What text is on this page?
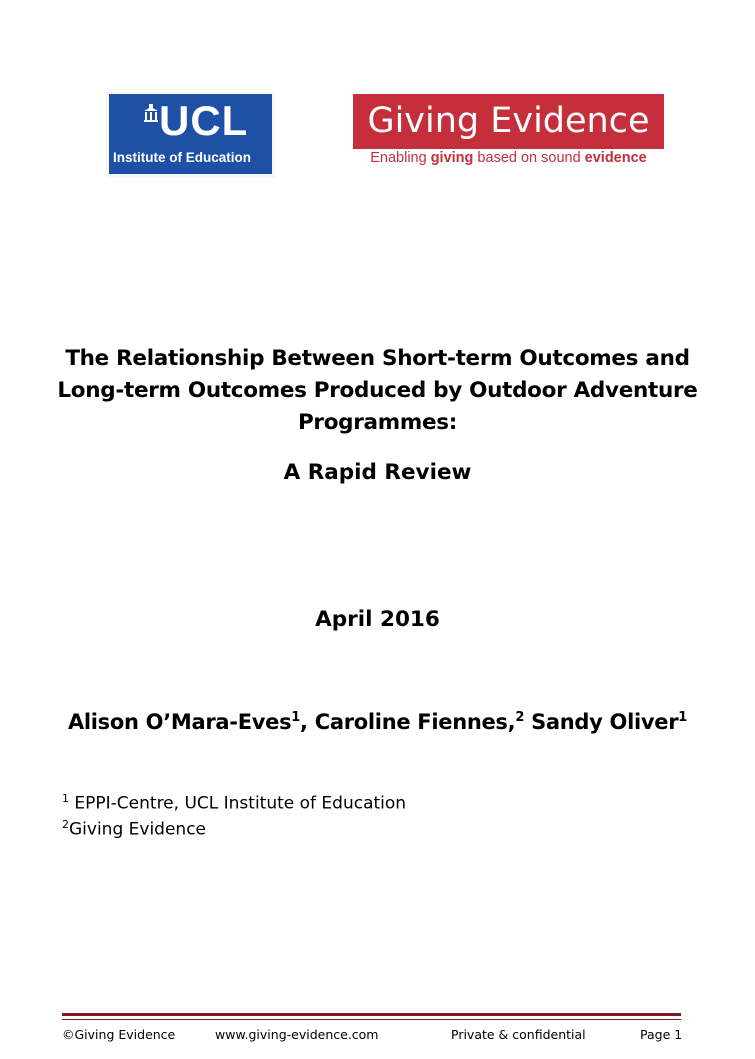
UCL
Institute of Education
Giving Evidence
Enabling giving based on sound evidence
The Relationship Between Short-term Outcomes and
Long-term Outcomes Produced by Outdoor Adventure
Programmes:
A Rapid Review
April 2016
Alison O’Mara-Eves$^1$, Caroline Fiennes,$^2$ Sandy Oliver$^1$
$^1$ EPPI-Centre, UCL Institute of Education
$^2$Giving Evidence
©Giving Evidence	www.giving-evidence.com	Private & confidential	Page 1
